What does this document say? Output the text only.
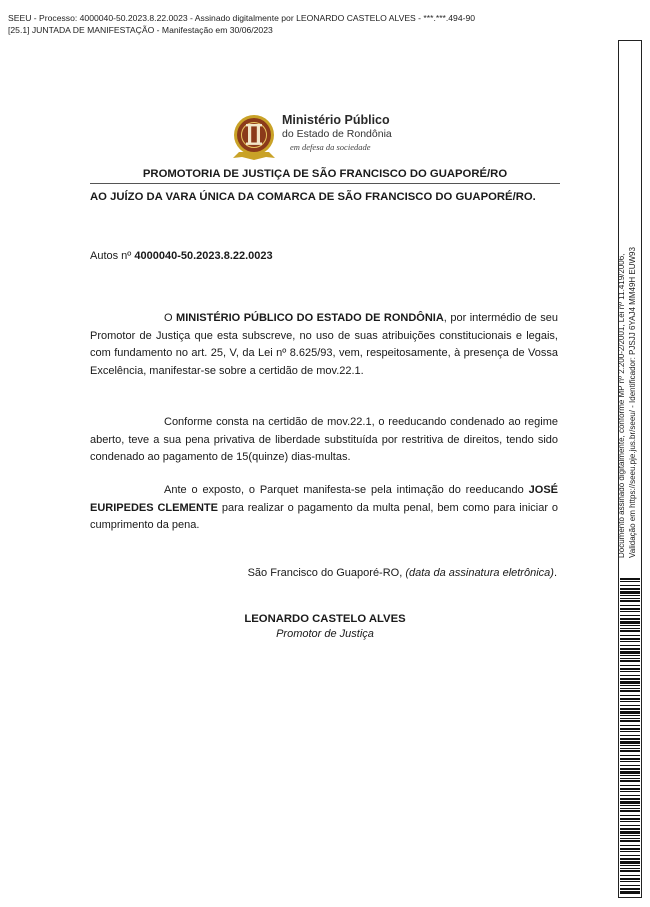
SEEU - Processo: 4000040-50.2023.8.22.0023 - Assinado digitalmente por LEONARDO CASTELO ALVES - ***.***.494-90
[25.1] JUNTADA DE MANIFESTAÇÃO - Manifestação em 30/06/2023
Ministério Público
do Estado de Rondônia
em defesa da sociedade
PROMOTORIA DE JUSTIÇA DE SÃO FRANCISCO DO GUAPORÉ/RO
AO JUÍZO DA VARA ÚNICA DA COMARCA DE SÃO FRANCISCO DO GUAPORÉ/RO.
Autos nº 4000040-50.2023.8.22.0023
O MINISTÉRIO PÚBLICO DO ESTADO DE RONDÔNIA, por intermédio de seu Promotor de Justiça que esta subscreve, no uso de suas atribuições constitucionais e legais, com fundamento no art. 25, V, da Lei nº 8.625/93, vem, respeitosamente, à presença de Vossa Excelência, manifestar-se sobre a certidão de mov.22.1.
Conforme consta na certidão de mov.22.1, o reeducando condenado ao regime aberto, teve a sua pena privativa de liberdade substituída por restritiva de direitos, tendo sido condenado ao pagamento de 15(quinze) dias-multas.
Ante o exposto, o Parquet manifesta-se pela intimação do reeducando JOSÉ EURIPEDES CLEMENTE para realizar o pagamento da multa penal, bem como para iniciar o cumprimento da pena.
São Francisco do Guaporé-RO, (data da assinatura eletrônica).
LEONARDO CASTELO ALVES
Promotor de Justiça
Documento assinado digitalmente, conforme MP nº 2.200-2/2001, Lei nº 11.419/2006, Validação em https://seeu.pje.jus.br/seeu/ - Identificador: PJSJJ 6YAJ4 MM49H EUW93
